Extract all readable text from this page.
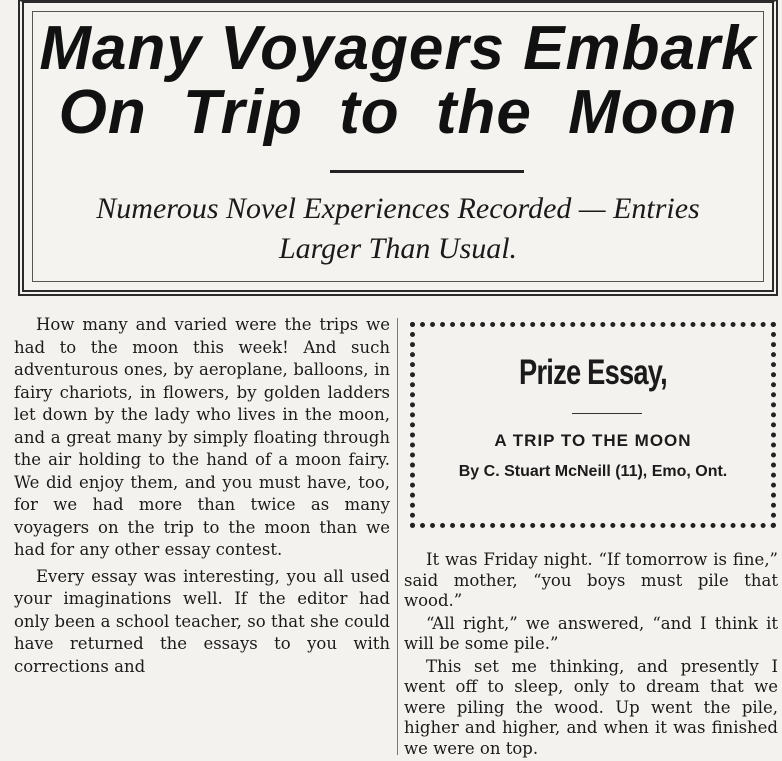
Many Voyagers Embark
On Trip to the Moon
Numerous Novel Experiences Recorded — Entries
Larger Than Usual.

How many and varied were the trips we had to the moon this week! And such adventurous ones, by aeroplane, balloons, in fairy chariots, in flowers, by golden ladders let down by the lady who lives in the moon, and a great many by simply floating through the air holding to the hand of a moon fairy. We did enjoy them, and you must have, too, for we had more than twice as many voyagers on the trip to the moon than we had for any other essay contest.

Every essay was interesting, you all used your imaginations well. If the editor had only been a school teacher, so that she could have returned the essays to you with corrections and

Prize Essay,
A TRIP TO THE MOON
By C. Stuart McNeill (11), Emo, Ont.

It was Friday night. “If tomorrow is fine,” said mother, “you boys must pile that wood.”

“All right,” we answered, “and I think it will be some pile.”

This set me thinking, and presently I went off to sleep, only to dream that we were piling the wood. Up went the pile, higher and higher, and when it was finished we were on top.
